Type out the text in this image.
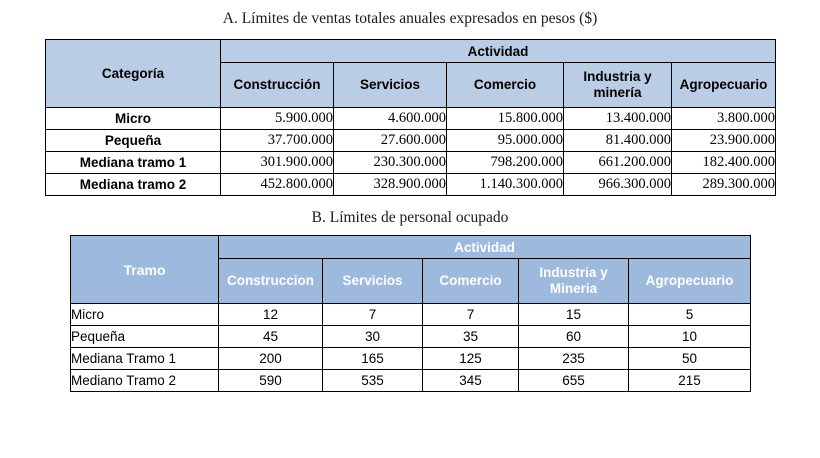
A. Límites de ventas totales anuales expresados en pesos ($)
Categoría	Actividad				
	Construcción	Servicios	Comercio	Industria y minería	Agropecuario
Micro	5.900.000	4.600.000	15.800.000	13.400.000	3.800.000
Pequeña	37.700.000	27.600.000	95.000.000	81.400.000	23.900.000
Mediana tramo 1	301.900.000	230.300.000	798.200.000	661.200.000	182.400.000
Mediana tramo 2	452.800.000	328.900.000	1.140.300.000	966.300.000	289.300.000
B. Límites de personal ocupado
Tramo	Actividad				
	Construccion	Servicios	Comercio	Industria y Mineria	Agropecuario
Micro	12	7	7	15	5
Pequeña	45	30	35	60	10
Mediana Tramo 1	200	165	125	235	50
Mediano Tramo 2	590	535	345	655	215
